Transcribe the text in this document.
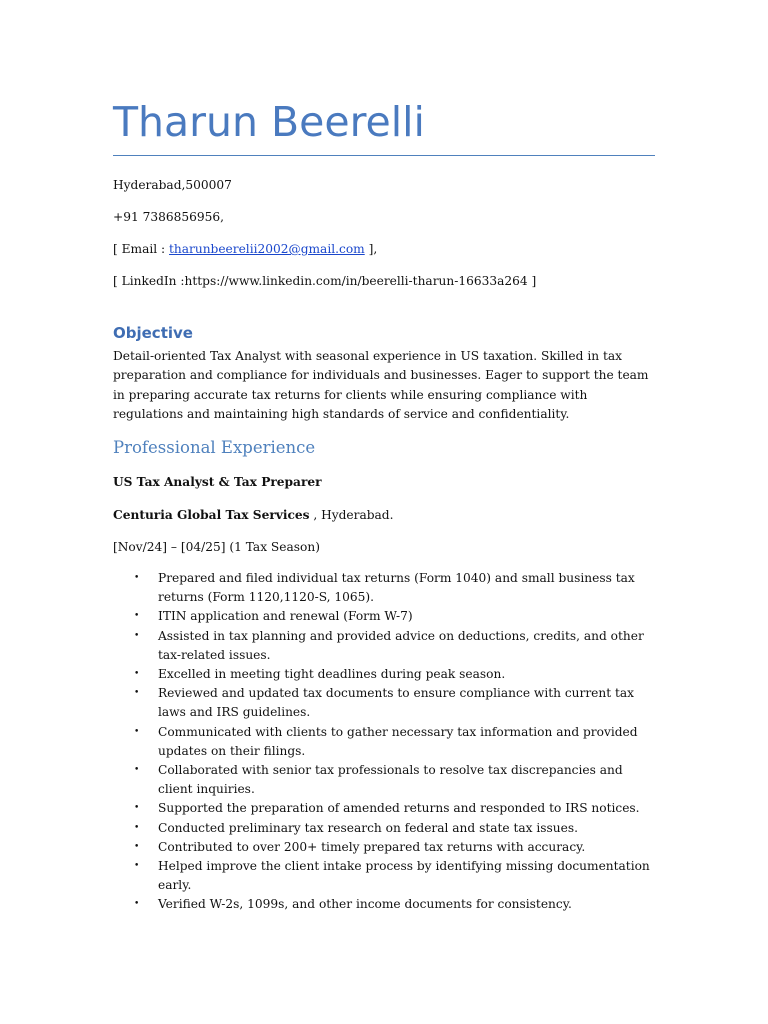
Tharun Beerelli

Hyderabad,500007

+91 7386856956,

[ Email : tharunbeerelii2002@gmail.com ],

[ LinkedIn :https://www.linkedin.com/in/beerelli-tharun-16633a264 ]

Objective

Detail-oriented Tax Analyst with seasonal experience in US taxation. Skilled in tax preparation and compliance for individuals and businesses. Eager to support the team in preparing accurate tax returns for clients while ensuring compliance with regulations and maintaining high standards of service and confidentiality.

Professional Experience

US Tax Analyst & Tax Preparer

Centuria Global Tax Services , Hyderabad.

[Nov/24] – [04/25] (1 Tax Season)

• Prepared and filed individual tax returns (Form 1040) and small business tax returns (Form 1120,1120-S, 1065).
• ITIN application and renewal (Form W-7)
• Assisted in tax planning and provided advice on deductions, credits, and other tax-related issues.
• Excelled in meeting tight deadlines during peak season.
• Reviewed and updated tax documents to ensure compliance with current tax laws and IRS guidelines.
• Communicated with clients to gather necessary tax information and provided updates on their filings.
• Collaborated with senior tax professionals to resolve tax discrepancies and client inquiries.
• Supported the preparation of amended returns and responded to IRS notices.
• Conducted preliminary tax research on federal and state tax issues.
• Contributed to over 200+ timely prepared tax returns with accuracy.
• Helped improve the client intake process by identifying missing documentation early.
• Verified W-2s, 1099s, and other income documents for consistency.
